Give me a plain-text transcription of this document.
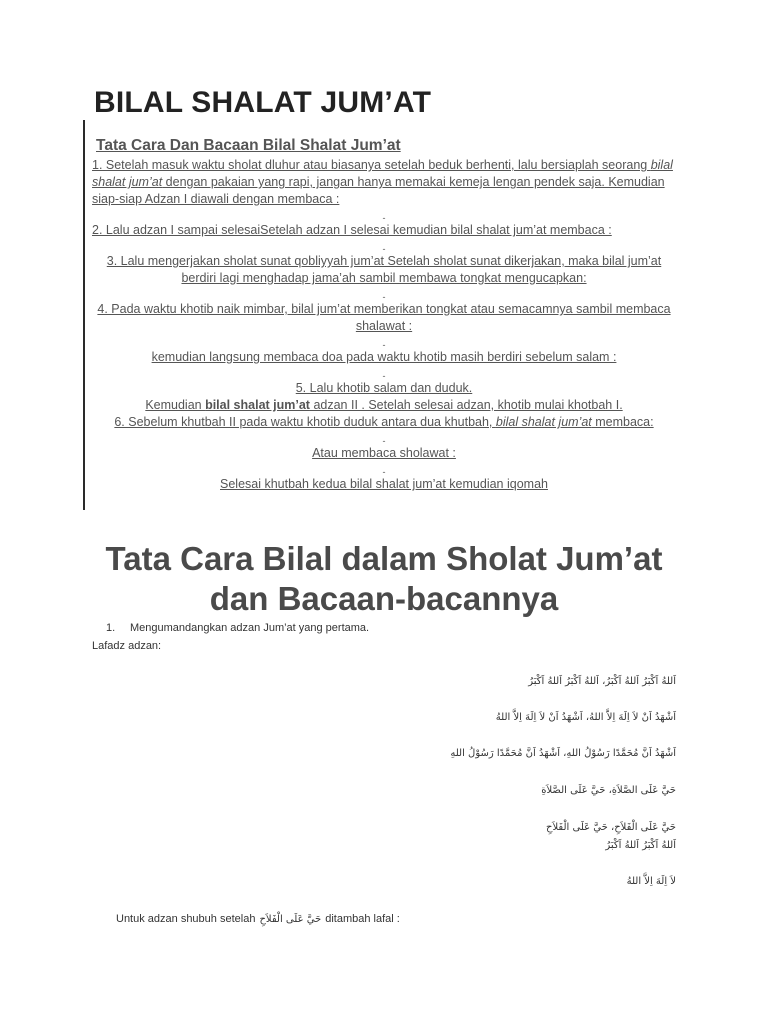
BILAL SHALAT JUM’AT
Tata Cara Dan Bacaan Bilal Shalat Jum’at

1. Setelah masuk waktu sholat dluhur atau biasanya setelah beduk berhenti, lalu bersiaplah seorang bilal shalat jum’at dengan pakaian yang rapi, jangan hanya memakai kemeja lengan pendek saja. Kemudian siap-siap Adzan I diawali dengan membaca :

-

2. Lalu adzan I sampai selesaiSetelah adzan I selesai kemudian bilal shalat jum’at membaca :

-

3. Lalu mengerjakan sholat sunat qobliyyah jum’at Setelah sholat sunat dikerjakan, maka bilal jum’at berdiri lagi menghadap jama’ah sambil membawa tongkat mengucapkan:

-

4. Pada waktu khotib naik mimbar, bilal jum’at memberikan tongkat atau semacamnya sambil membaca shalawat :

-

kemudian langsung membaca doa pada waktu khotib masih berdiri sebelum salam :

-

5. Lalu khotib salam dan duduk.

Kemudian bilal shalat jum’at adzan II . Setelah selesai adzan, khotib mulai khotbah I.

6. Sebelum khutbah II pada waktu khotib duduk antara dua khutbah, bilal shalat jum’at membaca:

-

Atau membaca sholawat :

-

Selesai khutbah kedua bilal shalat jum’at kemudian iqomah

Tata Cara Bilal dalam Sholat Jum’at dan Bacaan-bacannya
1. Mengumandangkan adzan Jum’at yang pertama.
Lafadz adzan:
اَللهُ اَكْبَرُ اَللهُ اَكْبَرُ، اَللهُ اَكْبَرُ اَللهُ اَكْبَرُ
اَشْهَدُ اَنْ لاَ اِلَهَ اِلاَّ اللهُ، اَشْهَدُ اَنْ لاَ اِلَهَ اِلاَّ اللهُ
اَشْهَدُ اَنَّ مُحَمَّدًا رَسُوْلُ اللهِ، اَشْهَدُ اَنَّ مُحَمَّدًا رَسُوْلُ اللهِ
حَيَّ عَلَى الصَّلاَةِ، حَيَّ عَلَى الصَّلاَةِ
حَيَّ عَلَى الْفَلاَحِ، حَيَّ عَلَى الْفَلاَحِ
اَللهُ اَكْبَرُ اَللهُ اَكْبَرُ
لاَ اِلَهَ اِلاَّ اللهُ
Untuk adzan shubuh setelah حَيَّ عَلَى الْفَلاَحِ ditambah lafal :
